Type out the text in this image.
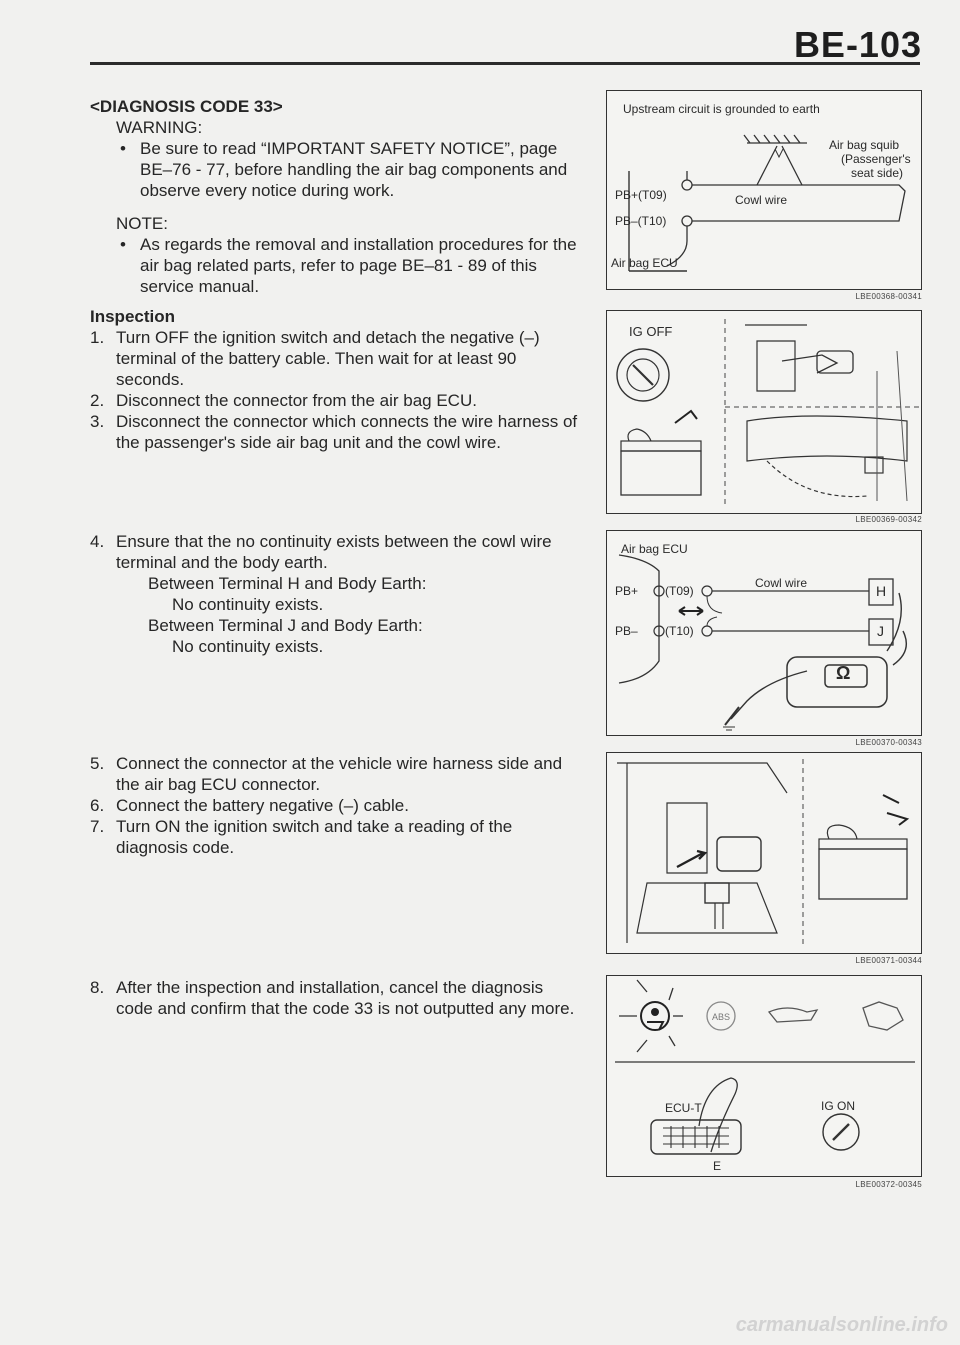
BE-103

<DIAGNOSIS CODE 33>

WARNING:

• Be sure to read “IMPORTANT SAFETY NOTICE”, page BE–76 - 77, before handling the air bag components and observe every notice during work.

NOTE:

• As regards the removal and installation procedures for the air bag related parts, refer to page BE–81 - 89 of this service manual.

Inspection

1. Turn OFF the ignition switch and detach the negative (–) terminal of the battery cable. Then wait for at least 90 seconds.

2. Disconnect the connector from the air bag ECU.

3. Disconnect the connector which connects the wire harness of the passenger's side air bag unit and the cowl wire.

4. Ensure that the no continuity exists between the cowl wire terminal and the body earth.

Between Terminal H and Body Earth:

No continuity exists.

Between Terminal J and Body Earth:

No continuity exists.

5. Connect the connector at the vehicle wire harness side and the air bag ECU connector.

6. Connect the battery negative (–) cable.

7. Turn ON the ignition switch and take a reading of the diagnosis code.

8. After the inspection and installation, cancel the diagnosis code and confirm that the code 33 is not outputted any more.

Upstream circuit is grounded to earth
Air bag squib
(Passenger's
seat side)
PB+(T09)	Cowl wire
PB–(T10)
Air bag ECU
LBE00368-00341
IG OFF
LBE00369-00342
Air bag ECU
PB+ (T09)
Cowl wire	H
PB– (T10)	J
Ω
LBE00370-00343
LBE00371-00344
ABS
ECU-T
E
IG ON
LBE00372-00345
carmanualsonline.info
